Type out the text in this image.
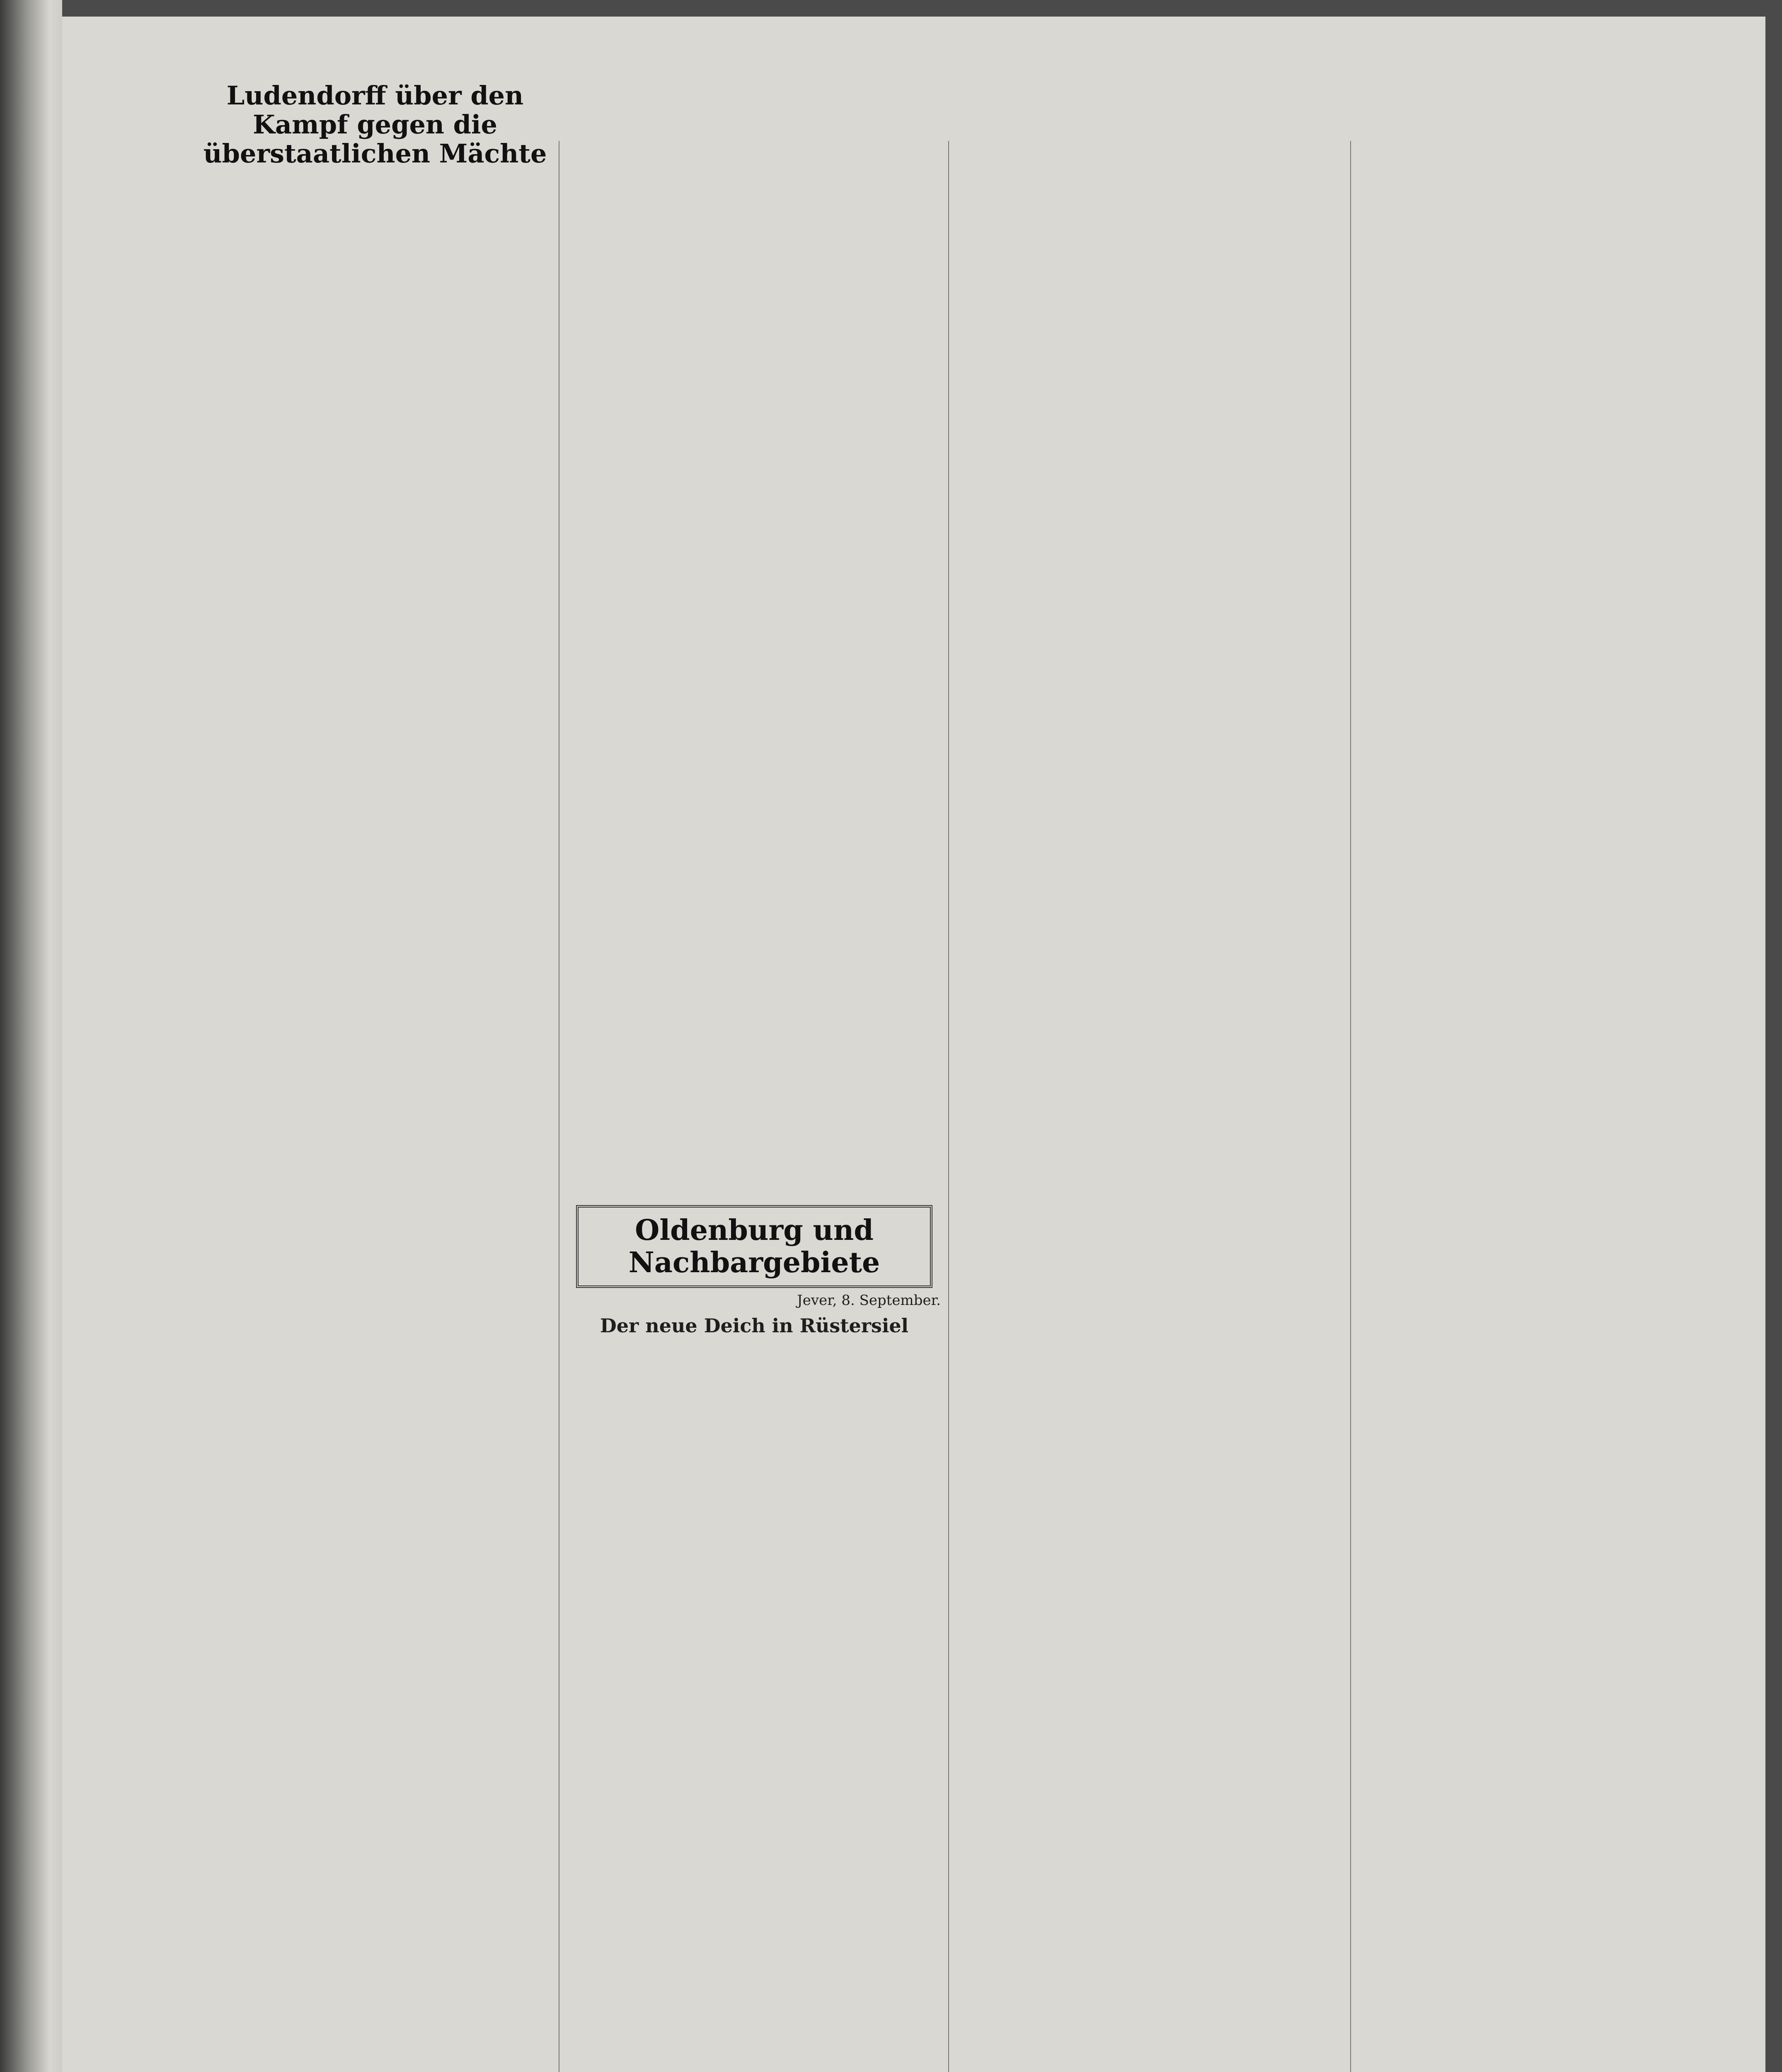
Ludendorff über den Kampf gegen die überstaatlichen Mächte
Oldenburg und Nachbargebiete
Jever, 8. September.
Der neue Deich in Rüstersiel
